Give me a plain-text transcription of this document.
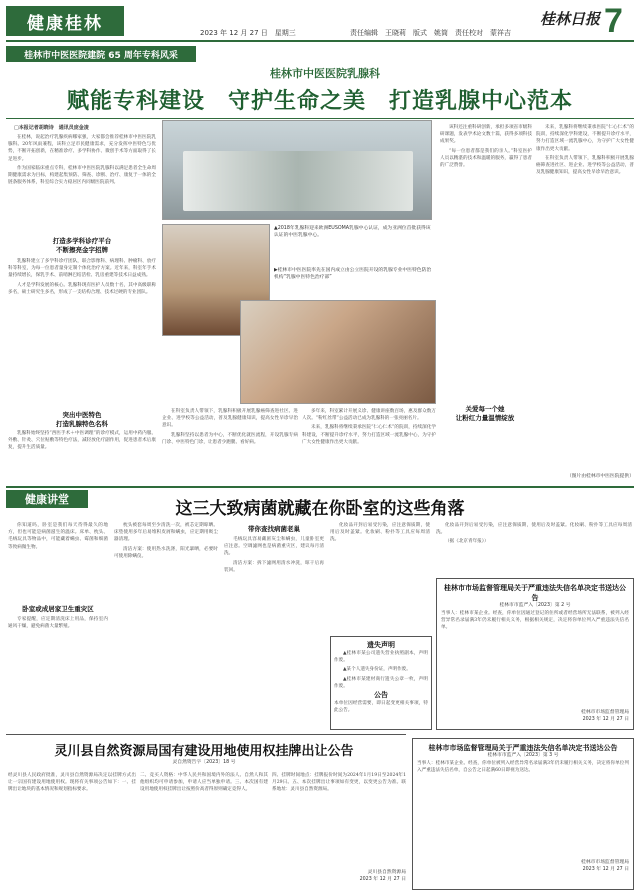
健康桂林	2023 年 12 月 27 日　星期三	责任编辑　王晓莉　版式　姚筒　责任校对　蒙祥吉
桂林日报 7
桂林市中医医院建院 65 周年专科风采
桂林市中医医院乳腺科
赋能专科建设　守护生命之美　打造乳腺中心范本
□本报记者胡晓诗　通讯员庞金凌

在桂林，说起治疗乳腺疾病哪家强，大家都会推荐桂林市中医医院乳腺科。20年风雨兼程，该科立足市民健康需求，充分发挥中医特色与优势，不断开拓创新，在精准诊疗、多学科协作、微创手术等方面取得了长足进步。

作为国家临床重点专科，桂林市中医医院乳腺科以满足患者全生命周期健康需求为目标，构建起集预防、筛查、诊断、治疗、康复于一体的全链条服务体系，科室综合实力稳居区内同级医院前列。

打造多学科诊疗平台
不断擦亮金字招牌

乳腺科建立了多学科诊疗团队，联合影像科、病理科、肿瘤科、放疗科等科室，为每一位患者量身定制个体化治疗方案。近年来，科室年手术量持续增长，保乳手术、前哨淋巴结活检、乳房重建等技术日益成熟。

人才是学科发展的核心。乳腺科现有医护人员数十名，其中高级职称多名，硕士研究生多名，形成了一支结构合理、技术过硬的专业团队。

突出中医特色
打造乳腺特色名科

乳腺科始终坚持“西医手术＋中医调理”的诊疗模式，运用中药内服、外敷、针灸、穴位贴敷等特色疗法，减轻放化疗副作用，促进患者术后康复，提升生活质量。

▲2018年乳腺科迎来欧洲EUSOMA乳腺中心认证，成为亚洲位首批获得该认证的中医乳腺中心。
▶桂林市中医医院率先在国内成立由公立医院开设的乳腺专业中医特色防治机构“乳腺中医特色治疗部”

在科室负责人带领下，乳腺科积极开展乳腺癌筛查进社区、进企业、进学校等公益活动，普及乳腺健康知识，提高女性早诊早治意识。

乳腺科坚持以患者为中心，不断优化就医流程，开设乳腺专病门诊、中医特色门诊，让患者少跑腿、看好病。

多年来，科室累计开展义诊、健康讲座数百场，惠及群众数万人次。“粉红丝带”公益活动已成为乳腺科的一张亮丽名片。

未来，乳腺科将继续秉承医院“仁心仁术”的院训，持续深化学科建设，不断提升诊疗水平，努力打造区域一流乳腺中心，为守护广大女性健康作出更大贡献。

关爱每一个她
让粉红力量温情绽放

该科还注重科研创新，承担多项省市级科研课题，发表学术论文数十篇，获得多项科技成果奖。

“每一位患者都是我们的亲人。”科室医护人员以精湛的技术和温暖的服务，赢得了患者的广泛赞誉。

未来，乳腺科将继续秉承医院“仁心仁术”的院训，持续深化学科建设，不断提升诊疗水平，努力打造区域一流乳腺中心，为守护广大女性健康作出更大贡献。

在科室负责人带领下，乳腺科积极开展乳腺癌筛查进社区、进企业、进学校等公益活动，普及乳腺健康知识，提高女性早诊早治意识。

（图片由桂林市中医医院提供）
健康讲堂	这三大致病菌就藏在你卧室的这些角落

你知道吗，卧室是我们每天待得最久的地方，但也可能是病菌滋生的温床。床单、枕头、毛绒玩具等物品中，可能藏着螨虫、霉菌和细菌等致病微生物。

卧室或成居家卫生重灾区

专家提醒，应定期清洗床上用品，保持室内通风干燥，避免病菌大量繁殖。

枕头被套每周至少清洗一次，被芯定期晾晒。床垫使用多年后易堆积皮屑和螨虫，应定期用吸尘器清理。

清洁方案：使用热水洗涤，阳光暴晒，必要时可使用除螨仪。

带你查找病菌老巢

毛绒玩具容易藏匿灰尘和螨虫，儿童卧室更应注意。空调滤网也是病菌重灾区，建议每月清洗。

清洁方案：拆下滤网用清水冲洗，晾干后再装回。

化妆品开封后易受污染，应注意保质期，使用后及时盖紧。化妆刷、粉扑等工具应每周清洗。

化妆品开封后易受污染，应注意保质期，使用后及时盖紧。化妆刷、粉扑等工具应每周清洗。

（据《北京青年报》）

遗失声明

▲桂林市某公司遗失营业执照副本，声明作废。

▲某个人遗失身份证，声明作废。

▲桂林市某建材商行遗失公章一枚，声明作废。

公告
本单位因经营需要，即日起变更相关事项，特此公告。
桂林市市场监督管理局关于严重违法失信名单决定书送达公告
桂林市市监严入〔2023〕第 2 号
当事人：桂林市某企业。经查，你单位因通过登记的住所或者经营场所无法联系，被列入经营异常名录届满3年仍未履行相关义务，根据相关规定，决定将你单位列入严重违法失信名单。
桂林市市场监督管理局
2023 年 12 月 27 日
桂林市市场监督管理局关于严重违法失信名单决定书送达公告
桂林市市监严入〔2023〕第 3 号
当事人：桂林市某企业。经查，你单位被列入经营异常名录届满3年仍未履行相关义务，决定将你单位列入严重违法失信名单，自公告之日起满60日即视为送达。
桂林市市场监督管理局
2023 年 12 月 27 日
灵川县自然资源局国有建设用地使用权挂牌出让公告
灵自然资告字〔2023〕18 号
经灵川县人民政府批准，灵川县自然资源局决定以挂牌方式出让一宗国有建设用地使用权。现将有关事项公告如下：一、挂牌出让地块的基本情况和规划指标要求。
二、竞买人资格：中华人民共和国境内外的法人、自然人和其他组织均可申请参加，申请人应当单独申请。三、本次国有建设用地使用权挂牌出让按照价高者得原则确定竞得人。
四、挂牌时间地点：挂牌报价时间为2024年1月19日至2024年1月29日。五、本次挂牌出让事项如有变更，以变更公告为准。联系地址：灵川县自然资源局。
灵川县自然资源局
2023 年 12 月 27 日
